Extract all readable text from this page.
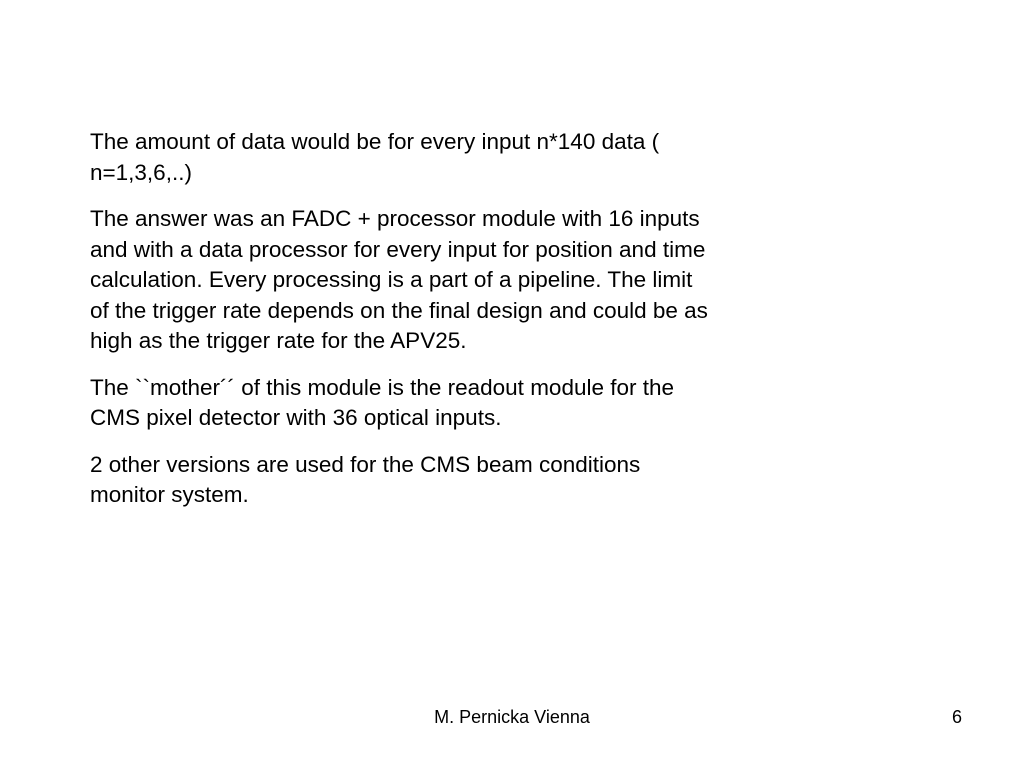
The amount of data would be for every input n*140 data (
n=1,3,6,..)

The answer was an FADC + processor module with 16 inputs
and with a data processor for every input for position and time
calculation. Every processing is a part of a pipeline. The limit
of the trigger rate depends on the final design and could be as
high as the trigger rate for the APV25.

The ``mother´´ of this module is the readout module for the
CMS pixel detector with 36 optical inputs.

2 other versions are used for the CMS beam conditions
monitor system.

M. Pernicka Vienna	6
